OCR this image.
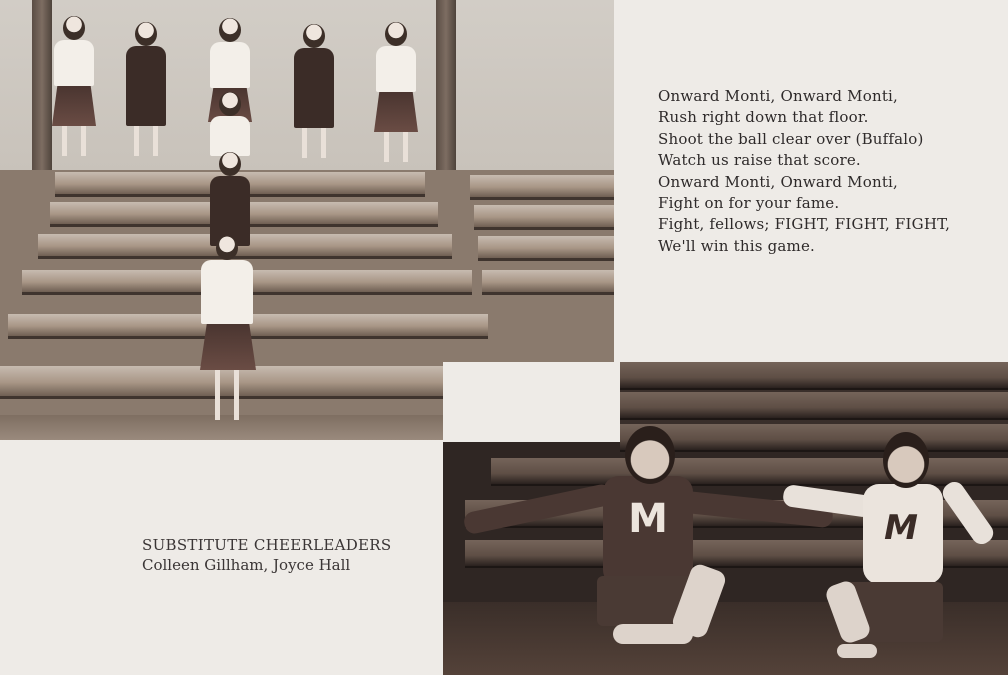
Onward Monti, Onward Monti,
Rush right down that floor.
Shoot the ball clear over (Buffalo)
Watch us raise that score.
Onward Monti, Onward Monti,
Fight on for your fame.
Fight, fellows; FIGHT, FIGHT, FIGHT,
We'll win this game.
SUBSTITUTE CHEERLEADERS
Colleen Gillham, Joyce Hall
M	M
